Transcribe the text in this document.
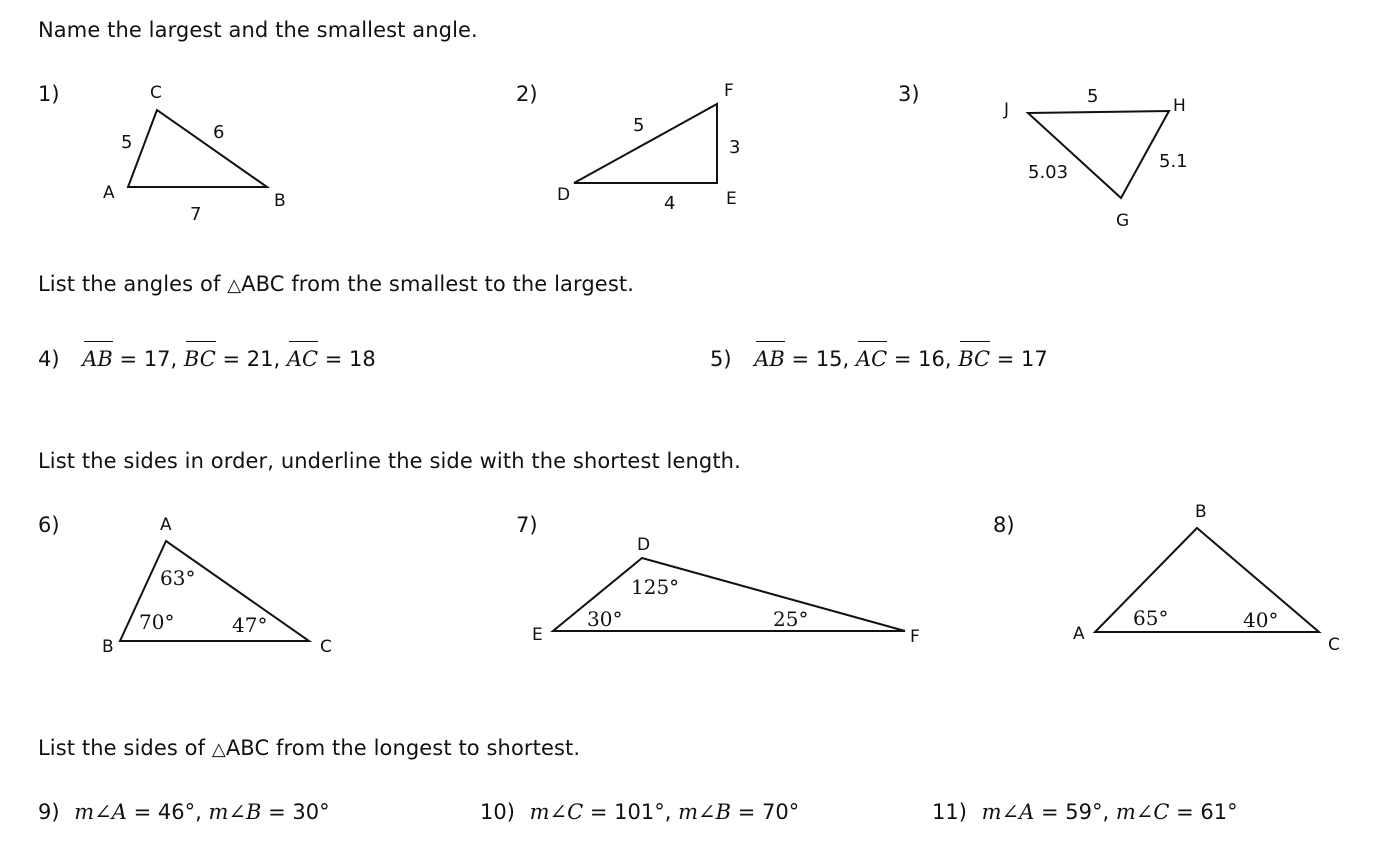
Name the largest and the smallest angle.
List the angles of △ABC from the smallest to the largest.
List the sides in order, underline the side with the shortest length.
List the sides of △ABC from the longest to shortest.
1)	2)	3)
6)	7)	8)
C
A	B
5	6
7
F
D	E
5
3
4
J	H
G
5
5.1
5.03
A
B	C
63°
70°	47°
D
E	F
125°
30°	25°
B
A
C
65°	40°
4) AB = 17, BC = 21, AC = 18	5) AB = 15, AC = 16, BC = 17
9) m∠A = 46°, m∠B = 30°	10) m∠C = 101°, m∠B = 70°	11) m∠A = 59°, m∠C = 61°
